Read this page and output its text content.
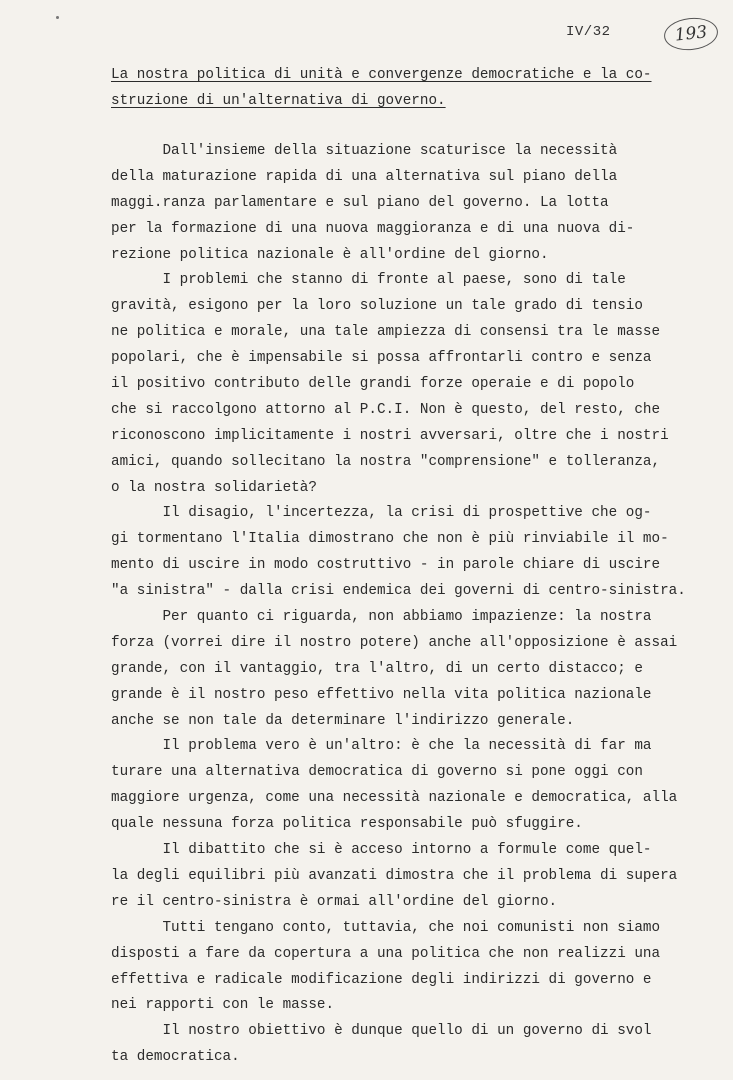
IV/32	193
La nostra politica di unità e convergenze democratiche e la co-
struzione di un'alternativa di governo.
Dall'insieme della situazione scaturisce la necessità
della maturazione rapida di una alternativa sul piano della
maggi.ranza parlamentare e sul piano del governo. La lotta
per la formazione di una nuova maggioranza e di una nuova di-
rezione politica nazionale è all'ordine del giorno.
I problemi che stanno di fronte al paese, sono di tale
gravità, esigono per la loro soluzione un tale grado di tensio
ne politica e morale, una tale ampiezza di consensi tra le masse
popolari, che è impensabile si possa affrontarli contro e senza
il positivo contributo delle grandi forze operaie e di popolo
che si raccolgono attorno al P.C.I. Non è questo, del resto, che
riconoscono implicitamente i nostri avversari, oltre che i nostri
amici, quando sollecitano la nostra "comprensione" e tolleranza,
o la nostra solidarietà?
Il disagio, l'incertezza, la crisi di prospettive che og-
gi tormentano l'Italia dimostrano che non è più rinviabile il mo-
mento di uscire in modo costruttivo - in parole chiare di uscire
"a sinistra" - dalla crisi endemica dei governi di centro-sinistra.
Per quanto ci riguarda, non abbiamo impazienze: la nostra
forza (vorrei dire il nostro potere) anche all'opposizione è assai
grande, con il vantaggio, tra l'altro, di un certo distacco; e
grande è il nostro peso effettivo nella vita politica nazionale
anche se non tale da determinare l'indirizzo generale.
Il problema vero è un'altro: è che la necessità di far ma
turare una alternativa democratica di governo si pone oggi con
maggiore urgenza, come una necessità nazionale e democratica, alla
quale nessuna forza politica responsabile può sfuggire.
Il dibattito che si è acceso intorno a formule come quel-
la degli equilibri più avanzati dimostra che il problema di supera
re il centro-sinistra è ormai all'ordine del giorno.
Tutti tengano conto, tuttavia, che noi comunisti non siamo
disposti a fare da copertura a una politica che non realizzi una
effettiva e radicale modificazione degli indirizzi di governo e
nei rapporti con le masse.
Il nostro obiettivo è dunque quello di un governo di svol
ta democratica.
